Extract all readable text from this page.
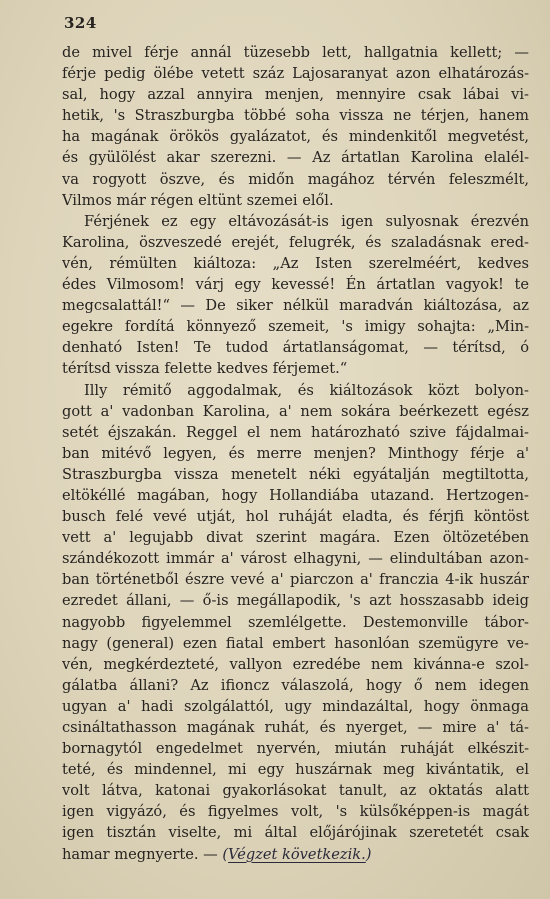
324
de mivel férje annál tüzesebb lett, hallgatnia kellett; —
férje pedig ölébe vetett száz Lajosaranyat azon elhatározás-
sal, hogy azzal annyira menjen, mennyire csak lábai vi-
hetik, 's Straszburgba többé soha vissza ne térjen, hanem
ha magának örökös gyalázatot, és mindenkitől megvetést,
és gyülölést akar szerezni. — Az ártatlan Karolina elalél-
va rogyott öszve, és midőn magához térvén feleszmélt,
Vilmos már régen eltünt szemei elől.
Férjének ez egy eltávozását-is igen sulyosnak érezvén
Karolina, öszveszedé erejét, felugrék, és szaladásnak ered-
vén, rémülten kiáltoza: „Az Isten szerelméért, kedves
édes Vilmosom! várj egy kevessé! Én ártatlan vagyok! te
megcsalattál!“ — De siker nélkül maradván kiáltozása, az
egekre fordítá könnyező szemeit, 's imigy sohajta: „Min-
denható Isten! Te tudod ártatlanságomat, — térítsd, ó
térítsd vissza felette kedves férjemet.“
Illy rémitő aggodalmak, és kiáltozások közt bolyon-
gott a' vadonban Karolina, a' nem sokára beérkezett egész
setét éjszakán. Reggel el nem határozható szive fájdalmai-
ban mitévő legyen, és merre menjen? Minthogy férje a'
Straszburgba vissza menetelt néki egyátalján megtiltotta,
eltökéllé magában, hogy Hollandiába utazand. Hertzogen-
busch felé vevé utját, hol ruháját eladta, és férjfi köntöst
vett a' legujabb divat szerint magára. Ezen öltözetében
szándékozott immár a' várost elhagyni, — elindultában azon-
ban történetből észre vevé a' piarczon a' franczia 4-ik huszár
ezredet állani, — ő-is megállapodik, 's azt hosszasabb ideig
nagyobb figyelemmel szemlélgette. Destemonville tábor-
nagy (general) ezen fiatal embert hasonlóan szemügyre ve-
vén, megkérdezteté, vallyon ezredébe nem kivánna-e szol-
gálatba állani? Az ifioncz válaszolá, hogy ő nem idegen
ugyan a' hadi szolgálattól, ugy mindazáltal, hogy önmaga
csináltathasson magának ruhát, és nyerget, — mire a' tá-
bornagytól engedelmet nyervén, miután ruháját elkészit-
teté, és mindennel, mi egy huszárnak meg kivántatik, el
volt látva, katonai gyakorlásokat tanult, az oktatás alatt
igen vigyázó, és figyelmes volt, 's külsőképpen-is magát
igen tisztán viselte, mi által előjárójinak szeretetét csak
hamar megnyerte. — (Végzet következik.)
